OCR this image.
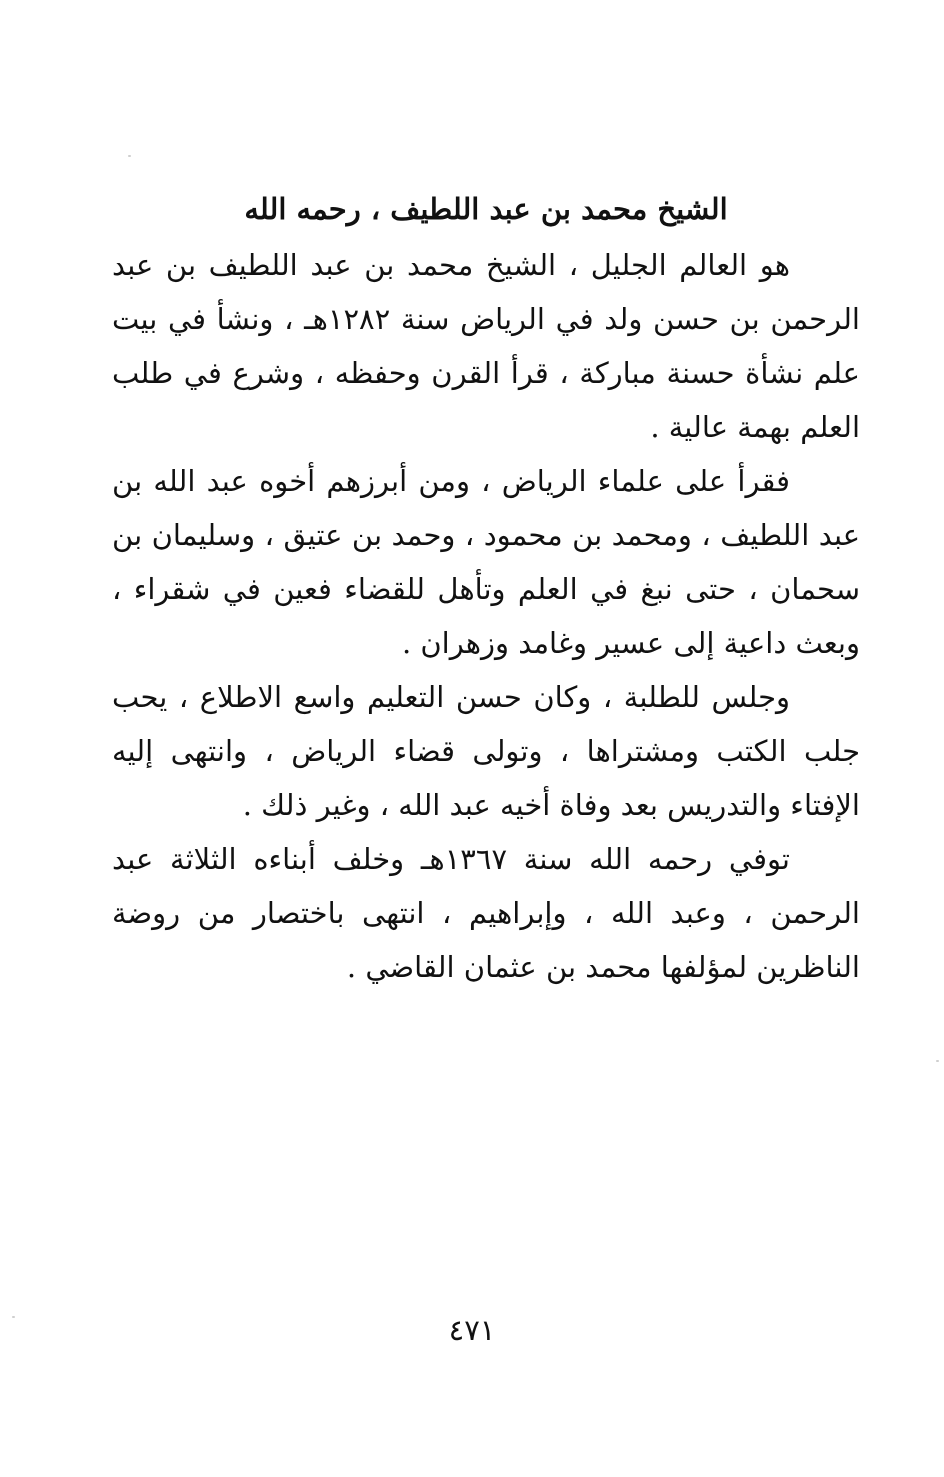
الشيخ محمد بن عبد اللطيف ، رحمه الله

هو العالم الجليل ، الشيخ محمد بن عبد اللطيف بن عبد الرحمن بن حسن ولد في الرياض سنة ١٢٨٢هـ ، ونشأ في بيت علم نشأة حسنة مباركة ، قرأ القرن وحفظه ، وشرع في طلب العلم بهمة عالية .

فقرأ على علماء الرياض ، ومن أبرزهم أخوه عبد الله بن عبد اللطيف ، ومحمد بن محمود ، وحمد بن عتيق ، وسليمان بن سحمان ، حتى نبغ في العلم وتأهل للقضاء فعين في شقراء ، وبعث داعية إلى عسير وغامد وزهران .

وجلس للطلبة ، وكان حسن التعليم واسع الاطلاع ، يحب جلب الكتب ومشتراها ، وتولى قضاء الرياض ، وانتهى إليه الإفتاء والتدريس بعد وفاة أخيه عبد الله ، وغير ذلك .

توفي رحمه الله سنة ١٣٦٧هـ وخلف أبناءه الثلاثة عبد الرحمن ، وعبد الله ، وإبراهيم ، انتهى باختصار من روضة الناظرين لمؤلفها محمد بن عثمان القاضي .

٤٧١
